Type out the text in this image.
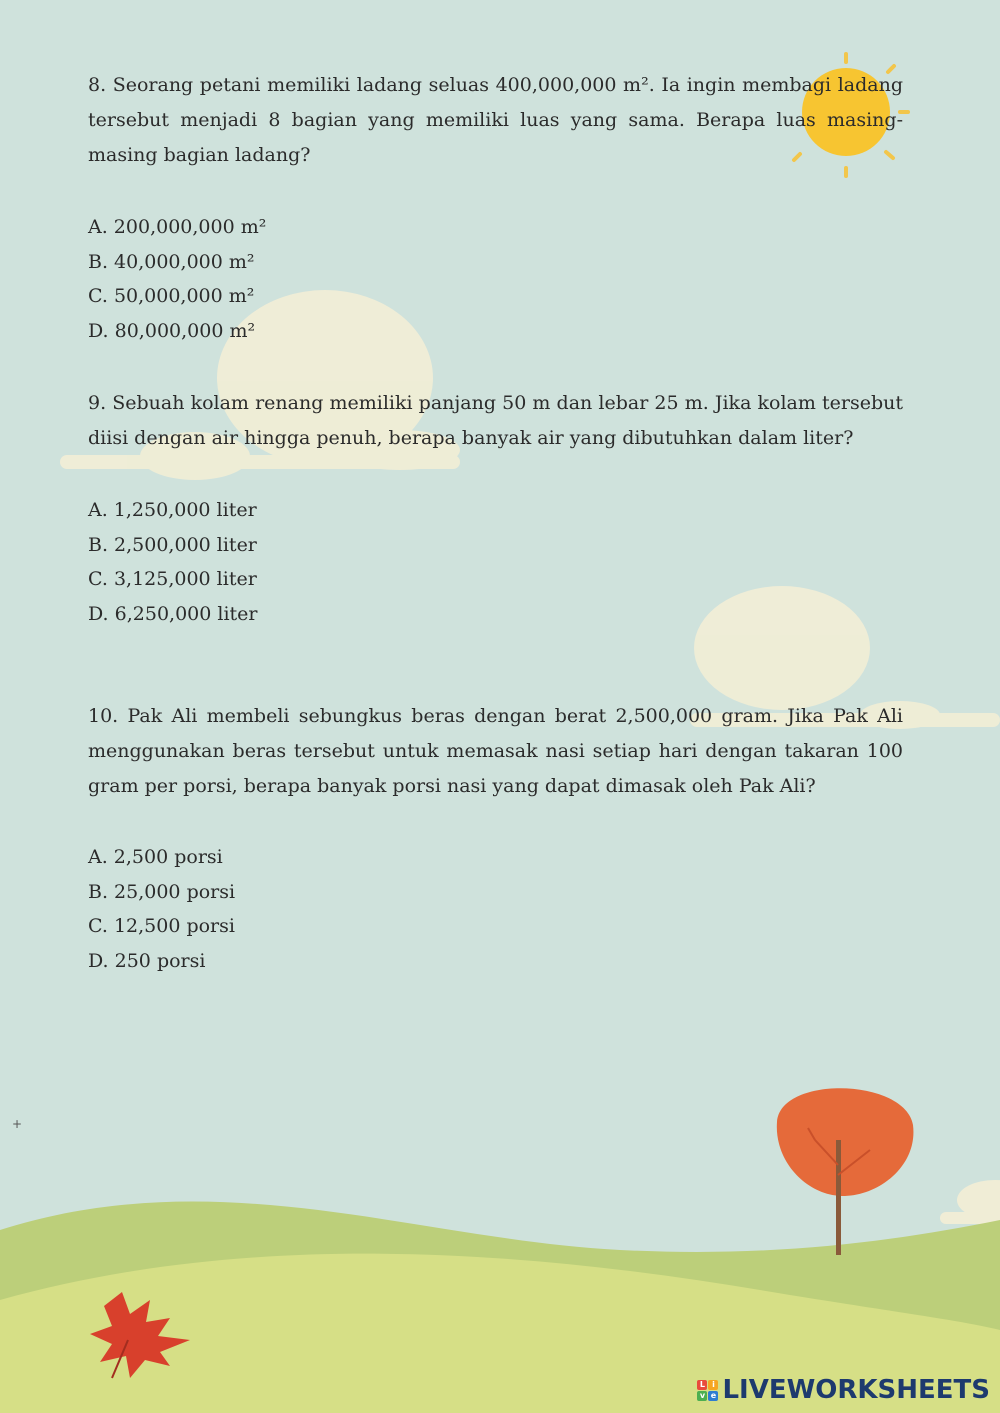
+

8. Seorang petani memiliki ladang seluas 400,000,000 m². Ia ingin membagi ladang tersebut menjadi 8 bagian yang memiliki luas yang sama. Berapa luas masing-masing bagian ladang?

A. 200,000,000 m²
B. 40,000,000 m²
C. 50,000,000 m²
D. 80,000,000 m²

9. Sebuah kolam renang memiliki panjang 50 m dan lebar 25 m. Jika kolam tersebut diisi dengan air hingga penuh, berapa banyak air yang dibutuhkan dalam liter?

A. 1,250,000 liter
B. 2,500,000 liter
C. 3,125,000 liter
D. 6,250,000 liter

10. Pak Ali membeli sebungkus beras dengan berat 2,500,000 gram. Jika Pak Ali menggunakan beras tersebut untuk memasak nasi setiap hari dengan takaran 100 gram per porsi, berapa banyak porsi nasi yang dapat dimasak oleh Pak Ali?

A. 2,500 porsi
B. 25,000 porsi
C. 12,500 porsi
D. 250 porsi
L i
v e LIVEWORKSHEETS
